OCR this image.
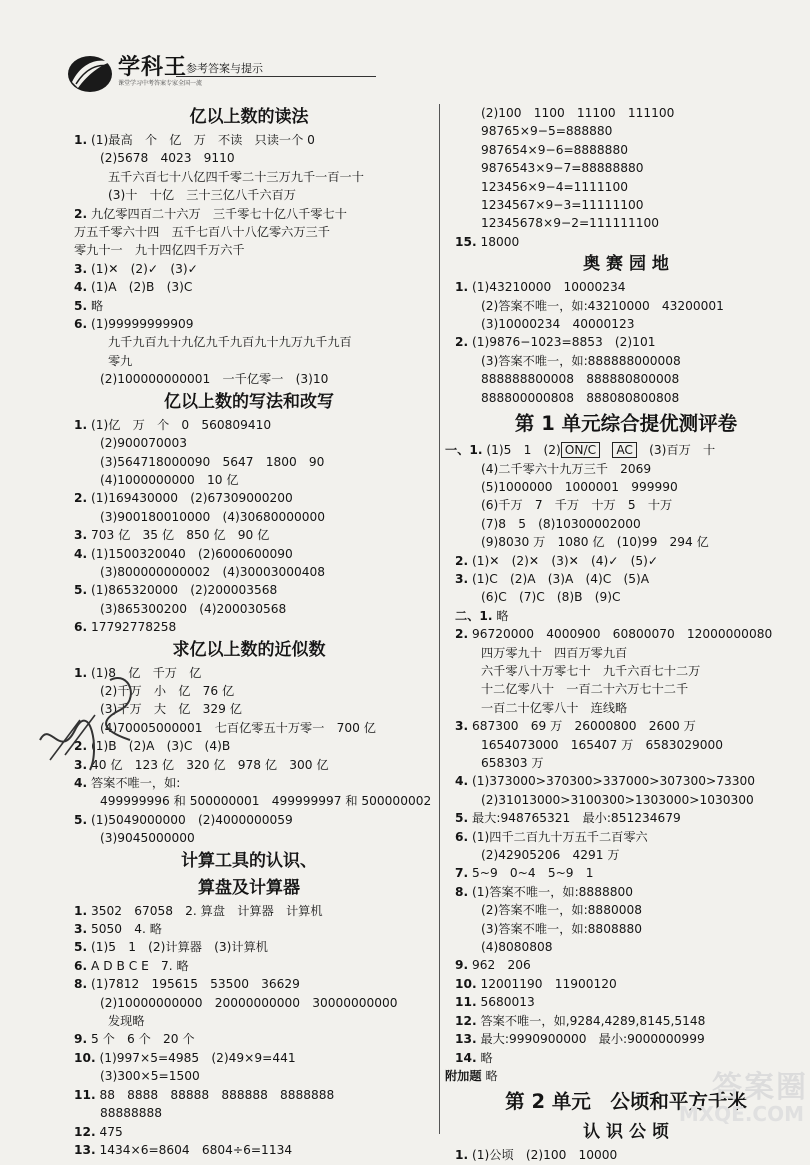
学科王
课堂学习中考答案专家全国一流
参考答案与提示
亿以上数的读法
1. (1)最高　个　亿　万　不读　只读一个 0
(2)5678　4023　9110
五千六百七十八亿四千零二十三万九千一百一十
(3)十　十亿　三十三亿八千六百万
2. 九亿零四百二十六万　三千零七十亿八千零七十
万五千零六十四　五千七百八十八亿零六万三千
零九十一　九十四亿四千万六千
3. (1)✕　(2)✓　(3)✓
4. (1)A　(2)B　(3)C
5. 略
6. (1)99999999909
九千九百九十九亿九千九百九十九万九千九百
零九
(2)100000000001　一千亿零一　(3)10
亿以上数的写法和改写
1. (1)亿　万　个　0　560809410
(2)900070003
(3)564718000090　5647　1800　90
(4)1000000000　10 亿
2. (1)169430000　(2)67309000200
(3)900180010000　(4)30680000000
3. 703 亿　35 亿　850 亿　90 亿
4. (1)1500320040　(2)6000600090
(3)800000000002　(4)30003000408
5. (1)865320000　(2)200003568
(3)865300200　(4)200030568
6. 17792778258
求亿以上数的近似数
1. (1)8　亿　千万　亿
(2)千万　小　亿　76 亿
(3)千万　大　亿　329 亿
(4)70005000001　七百亿零五十万零一　700 亿
2. (1)B　(2)A　(3)C　(4)B
3. 40 亿　123 亿　320 亿　978 亿　300 亿
4. 答案不唯一，如:
499999996 和 500000001　499999997 和 500000002
5. (1)5049000000　(2)4000000059
(3)9045000000
计算工具的认识、
算盘及计算器
1. 3502　67058　2. 算盘　计算器　计算机
3. 5050　4. 略
5. (1)5　1　(2)计算器　(3)计算机
6. A D B C E　7. 略
8. (1)7812　195615　53500　36629
(2)10000000000　20000000000　30000000000
发现略
9. 5 个　6 个　20 个
10. (1)997×5=4985　(2)49×9=441
(3)300×5=1500
11. 88　8888　88888　888888　8888888
88888888
12. 475
13. 1434×6=8604　6804÷6=1134
(2)100　1100　11100　111100
98765×9−5=888880
987654×9−6=8888880
9876543×9−7=88888880
123456×9−4=1111100
1234567×9−3=11111100
12345678×9−2=111111100
15. 18000
奥 赛 园 地
1. (1)43210000　10000234
(2)答案不唯一，如:43210000　43200001
(3)10000234　40000123
2. (1)9876−1023=8853　(2)101
(3)答案不唯一，如:888888000008
888888800008　888880800008
888800000808　888080800808
第 1 单元综合提优测评卷
一、1. (1)5　1　(2) ON/C　 AC　 (3)百万　十
(4)二千零六十九万三千　2069
(5)1000000　1000001　999990
(6)千万　7　千万　十万　5　十万
(7)8　5　(8)10300002000
(9)8030 万　1080 亿　(10)99　294 亿
2. (1)✕　(2)✕　(3)✕　(4)✓　(5)✓
3. (1)C　(2)A　(3)A　(4)C　(5)A
(6)C　(7)C　(8)B　(9)C
二、1. 略
2. 96720000　4000900　60800070　12000000080
四万零九十　四百万零九百
六千零八十万零七十　九千六百七十二万
十二亿零八十　一百二十六万七十二千
一百二十亿零八十　连线略
3. 687300　69 万　26000800　2600 万
1654073000　165407 万　6583029000
658303 万
4. (1)373000>370300>337000>307300>73300
(2)31013000>3100300>1303000>1030300
5. 最大:948765321　最小:851234679
6. (1)四千二百九十万五千二百零六
(2)42905206　4291 万
7. 5~9　0~4　5~9　1
8. (1)答案不唯一，如:8888800
(2)答案不唯一，如:8880008
(3)答案不唯一，如:8808880
(4)8080808
9. 962　206
10. 12001190　11900120
11. 5680013
12. 答案不唯一，如,9284,4289,8145,5148
13. 最大:9990900000　最小:9000000999
14. 略
附加题 略
第 2 单元　公顷和平方千米
认 识 公 顷
1. (1)公顷　(2)100　10000
答案圈
MXQE.COM
